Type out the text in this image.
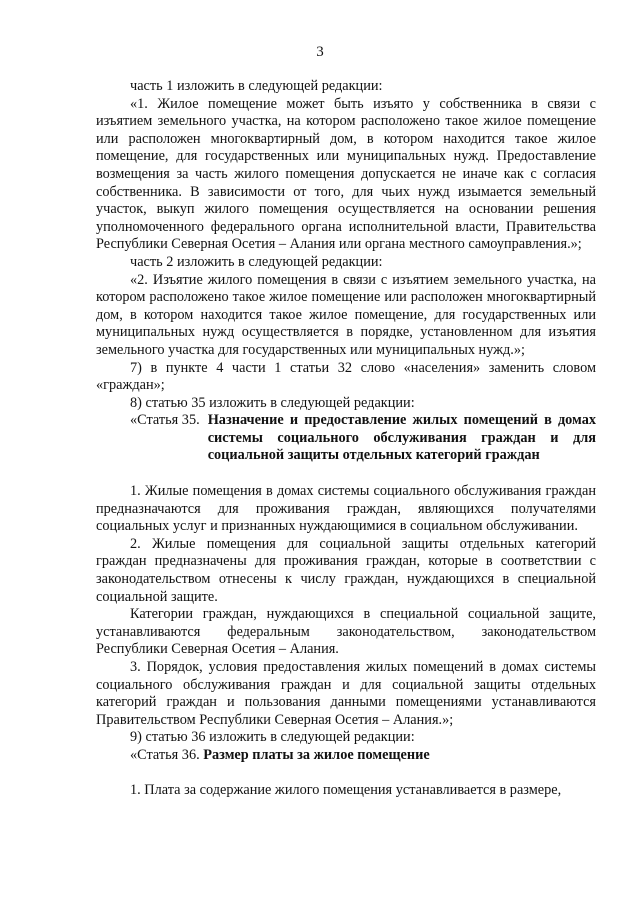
3

часть 1 изложить в следующей редакции:

«1. Жилое помещение может быть изъято у собственника в связи с изъятием земельного участка, на котором расположено такое жилое помещение или расположен многоквартирный дом, в котором находится такое жилое помещение, для государственных или муниципальных нужд. Предоставление возмещения за часть жилого помещения допускается не иначе как с согласия собственника. В зависимости от того, для чьих нужд изымается земельный участок, выкуп жилого помещения осуществляется на основании решения уполномоченного федерального органа исполнительной власти, Правительства Республики Северная Осетия – Алания или органа местного самоуправления.»;

часть 2 изложить в следующей редакции:

«2. Изъятие жилого помещения в связи с изъятием земельного участка, на котором расположено такое жилое помещение или расположен многоквартирный дом, в котором находится такое жилое помещение, для государственных или муниципальных нужд осуществляется в порядке, установленном для изъятия земельного участка для государственных или муниципальных нужд.»;

7) в пункте 4 части 1 статьи 32 слово «населения» заменить словом «граждан»;

8) статью 35 изложить в следующей редакции:

«Статья 35. Назначение и предоставление жилых помещений в домах системы социального обслуживания граждан и для социальной защиты отдельных категорий граждан

1. Жилые помещения в домах системы социального обслуживания граждан предназначаются для проживания граждан, являющихся получателями социальных услуг и признанных нуждающимися в социальном обслуживании.

2. Жилые помещения для социальной защиты отдельных категорий граждан предназначены для проживания граждан, которые в соответствии с законодательством отнесены к числу граждан, нуждающихся в специальной социальной защите.

Категории граждан, нуждающихся в специальной социальной защите, устанавливаются федеральным законодательством, законодательством Республики Северная Осетия – Алания.

3. Порядок, условия предоставления жилых помещений в домах системы социального обслуживания граждан и для социальной защиты отдельных категорий граждан и пользования данными помещениями устанавливаются Правительством Республики Северная Осетия – Алания.»;

9) статью 36 изложить в следующей редакции:

«Статья 36. Размер платы за жилое помещение

1. Плата за содержание жилого помещения устанавливается в размере,
